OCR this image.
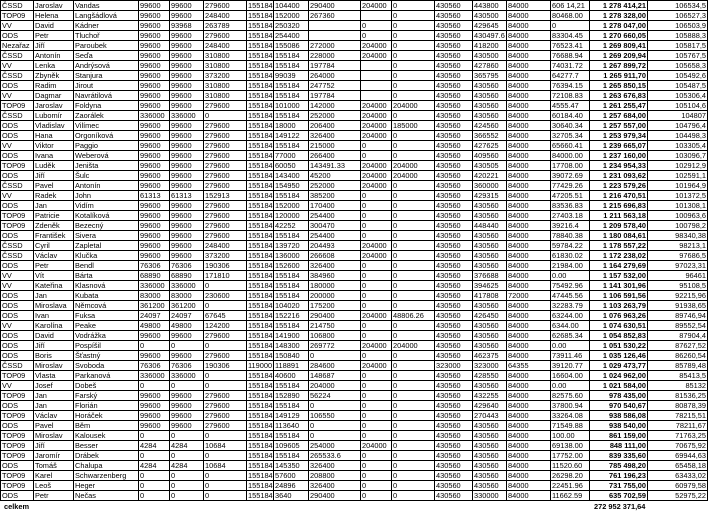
ČSSD	Jaroslav	Vandas	99600	99600	279600	155184	104400	290400	204000	0	430560	443800	84000	606 14,21	1 278 414,21	106534,5
TOP09	Helena	Langšádlová	99600	99600	248400	155184	152000	267360		0	430560	430500	84000	80468.00	1 278 328,00	106527,3
VV	David	Kádner	99600	93968	263789	155184	250320		0	0	430560	429645	84000	0	1 278 047,00	106503,9
ODS	Petr	Tluchoř	99600	99600	279600	155184	254400		0	0	430560	430497.6	84000	83304.45	1 270 660,05	105888,3
Nezařaz	Jiří	Paroubek	99600	99600	248400	155184	155086	272000	204000	0	430560	418200	84000	76523.41	1 269 809,41	105817,5
ČSSD	Antonín	Seďa	99600	99600	310800	155184	155184	228000	204000	0	430560	430500	84000	76688.94	1 269 209,94	105767,5
VV	Lenka	Andrýsová	99600	99600	310800	155184	155184	197784		0	430560	427860	84000	74031.72	1 267 899,72	105658,3
ČSSD	Zbyněk	Stanjura	99600	99600	373200	155184	99039	264000		0	430560	365795	84000	64277.7	1 265 911,70	105492,6
ODS	Radim	Jirout	99600	99600	310800	155184	155184	247752		0	430560	430560	84000	76394.15	1 265 850,15	105487,5
VV	Dagmar	Navrátilová	99600	99600	310800	155184	155184	197784		0	430560	430560	84000	72108.83	1 263 676,83	105306,4
TOP09	Jaroslav	Foldyna	99600	99600	279600	155184	101000	142000	204000	204000	430560	430560	84000	4555.47	1 261 255,47	105104,6
ČSSD	Lubomír	Zaorálek	336000	336000	0	155184	155184	252000	204000	0	430560	430560	84000	60184.40	1 257 684,00	104807
ODS	Vladislav	Vilímec	99600	99600	279600	155184	18000	206400	204000	185000	430560	424560	84000	30640.34	1 257 557,00	104796,4
ODS	Hana	Orgoníková	99600	99600	279600	155184	149122	326400	204000	0	430560	366552	84000	32705.34	1 253 979,34	104498,3
VV	Viktor	Paggio	99600	99600	279600	155184	155184	215000	0	0	430560	427625	84000	65660.41	1 239 665,07	103305,4
ODS	Ivana	Weberová	99600	99600	279600	155184	77000	266400	0	0	430560	409560	84000	84000.00	1 237 160,00	103096,7
TOP09	Luděk	Jeništa	99600	99600	279600	155184	60050	143491.33	204000	204000	430560	430505	84000	17708.00	1 234 954,33	102912,9
ODS	Jiří	Šulc	99600	99600	279600	155184	143400	45200	204000	204000	430560	420221	84000	39072.69	1 231 093,62	102591,1
ČSSD	Pavel	Antonín	99600	99600	279600	155184	154950	252000	204000	0	430560	360000	84000	77429.26	1 223 579,26	101964,9
VV	Radek	John	61313	61313	152913	155184	155184	385200	0	0	430560	429315	84000	47205.51	1 216 470,51	101372,5
ODS	Jan	Vidím	99600	99600	279600	155184	152000	170400	0	0	430560	430560	84000	83536.83	1 215 696,83	101308,1
TOP09	Patricie	Kotalíková	99600	99600	279600	155184	120000	254400	0	0	430560	430560	84000	27403.18	1 211 563,18	100963,6
TOP09	Zdeněk	Bezecný	99600	99600	279600	155184	42252	300470	0	0	430560	448440	84000	39216.4	1 209 578,40	100798,2
ODS	František	Sivera	99600	99600	279600	155184	155184	254400	0	0	430560	430560	84000	78840.38	1 180 084,61	98340,38
ČSSD	Cyril	Zapletal	99600	99600	248400	155184	139720	204493	204000	0	430560	430560	84000	59784.22	1 178 557,22	98213,1
ČSSD	Václav	Klučka	99600	99600	373200	155184	136000	266608	204000	0	430560	430560	84000	61830.02	1 172 238,02	97686,5
ODS	Petr	Bendl	76306	76306	190306	155184	152600	326400	0	0	430560	430560	84000	21984.00	1 164 279,69	97023,31
VV	Vít	Bárta	68890	68890	171810	155184	155184	384960	0	0	430560	376688	84000	0.00	1 157 532,00	96461
VV	Kateřina	Klasnová	336000	336000	0	155184	155184	180000	0	0	430560	394625	84000	75492.96	1 141 301,96	95108,5
ODS	Jan	Kubata	83000	83000	230600	155184	155184	200000	0	0	430560	417808	72000	47445.56	1 106 591,56	92215,96
ODS	Miroslava	Němcová	361200	361200	0	155184	104020	175200	0	0	430560	430560	84000	32283.79	1 103 263,79	91938,65
ODS	Ivan	Fuksa	24097	24097	67645	155184	152216	290400	204000	48806.26	430560	426450	84000	63244.00	1 076 963,26	89746,94
VV	Karolína	Peake	49800	49800	124200	155184	155184	214750	0	0	430560	430560	84000	6344.00	1 074 630,51	89552,54
ODS	David	Vodrážka	99600	99600	279600	155184	141900	106800	0	0	430560	430560	84000	62685.34	1 054 852,83	87904,4
ODS	Jiří	Pospíšil	0	0	0	155184	148300	269772	204000	204000	430560	430560	84000	0.00	1 051 530,22	87627,52
ODS	Boris	Šťastný	99600	99600	279600	155184	150840	0	0	0	430560	462375	84000	73911.46	1 035 126,46	86260,54
ČSSD	Miroslav	Svoboda	76306	76306	190306	119000	118891	284600	204000	0	323000	323000	64355	39120.77	1 029 473,77	85789,48
TOP09	Vlasta	Parkanová	336000	336000	0	155184	40600	148687	0	0	430560	428550	84000	16604.00	1 024 962,00	85413,5
VV	Josef	Dobeš	0	0	0	155184	155184	204000	0	0	430560	430560	84000	0.00	1 021 584,00	85132
TOP09	Jan	Farský	99600	99600	279600	155184	152890	56224	0	0	430560	432255	84000	82575.60	978 435,00	81536,25
ODS	Jan	Florián	99600	99600	279600	155184	155184	0	0	0	430560	429640	84000	37800.94	970 540,67	80878,39
TOP09	Václav	Horáček	99600	99600	279600	155184	149129	106550	0	0	430560	270443	84000	33264.08	938 586,08	78215,51
ODS	Pavel	Běm	99600	99600	279600	155184	113640	0	0	0	430560	430560	84000	71549.88	938 540,00	78211,67
TOP09	Miroslav	Kalousek	0	0	0	155184	155184	0	0	0	430560	430560	84000	100.00	861 159,00	71763,25
TOP09	Jiří	Besser	4284	4284	10684	155184	109605	254000	204000	0	430560	430560	84000	69138.00	848 111,00	70675,92
TOP09	Jaromír	Drábek	0	0	0	155184	155184	265533.6	0	0	430560	430560	84000	17752.00	839 335,60	69944,63
ODS	Tomáš	Chalupa	4284	4284	10684	155184	145350	326400	0	0	430560	430560	84000	11520.60	785 498,20	65458,18
TOP09	Karel	Schwarzenberg	0	0	0	155184	57600	208800	0	0	430560	430560	84000	26298.20	761 196,23	63433,02
TOP09	Leoš	Heger	0	0	0	155184	24896	326400	0	0	430560	430560	84000	22451.96	731 755,00	60979,58
ODS	Petr	Nečas	0	0	0	155184	3640	290400	0	0	430560	330000	84000	11662.59	635 702,59	52975,22
celkem	272 952 371,64
